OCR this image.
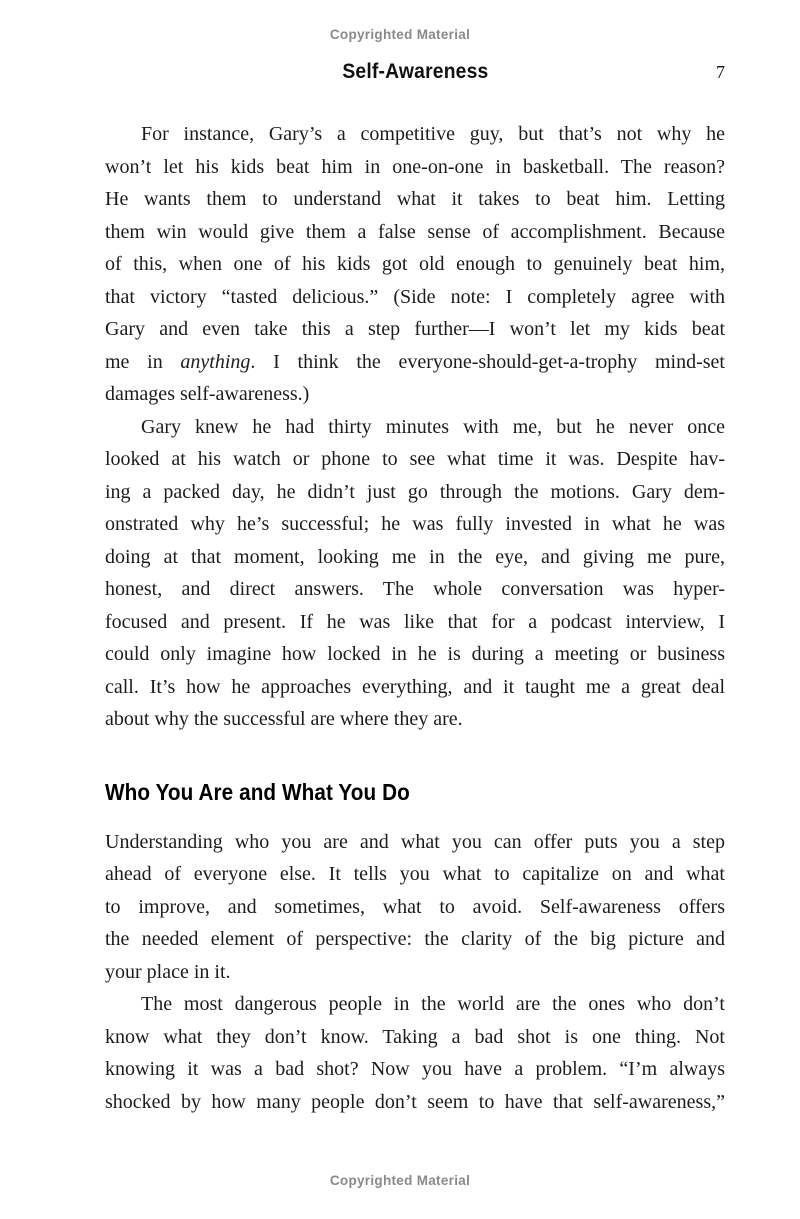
Copyrighted Material
Self-Awareness	7
For instance, Gary’s a competitive guy, but that’s not why he
won’t let his kids beat him in one-on-one in basketball. The reason?
He wants them to understand what it takes to beat him. Letting
them win would give them a false sense of accomplishment. Because
of this, when one of his kids got old enough to genuinely beat him,
that victory “tasted delicious.” (Side note: I completely agree with
Gary and even take this a step further—I won’t let my kids beat
me in anything. I think the everyone-should-get-a-trophy mind-set
damages self-awareness.)
Gary knew he had thirty minutes with me, but he never once
looked at his watch or phone to see what time it was. Despite hav-
ing a packed day, he didn’t just go through the motions. Gary dem-
onstrated why he’s successful; he was fully invested in what he was
doing at that moment, looking me in the eye, and giving me pure,
honest, and direct answers. The whole conversation was hyper-
focused and present. If he was like that for a podcast interview, I
could only imagine how locked in he is during a meeting or business
call. It’s how he approaches everything, and it taught me a great deal
about why the successful are where they are.
Who You Are and What You Do
Understanding who you are and what you can offer puts you a step
ahead of everyone else. It tells you what to capitalize on and what
to improve, and sometimes, what to avoid. Self-awareness offers
the needed element of perspective: the clarity of the big picture and
your place in it.
The most dangerous people in the world are the ones who don’t
know what they don’t know. Taking a bad shot is one thing. Not
knowing it was a bad shot? Now you have a problem. “I’m always
shocked by how many people don’t seem to have that self-awareness,”
Copyrighted Material
